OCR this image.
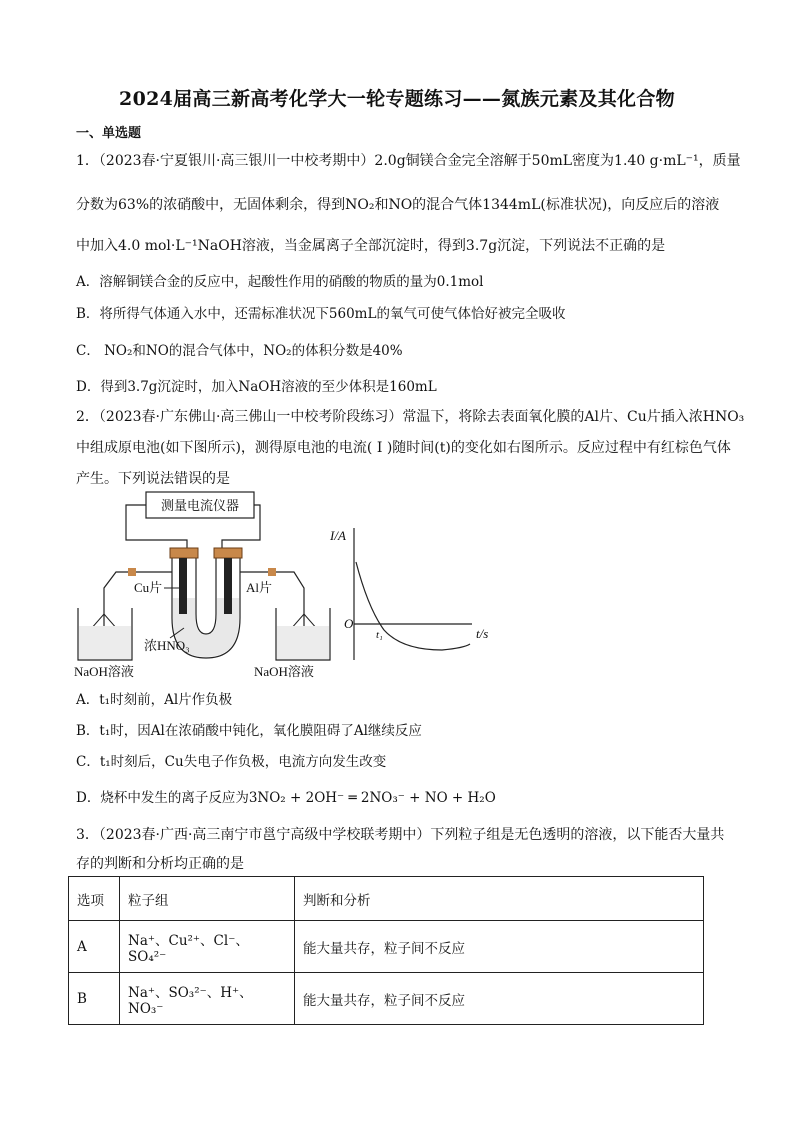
2024届高三新高考化学大一轮专题练习——氮族元素及其化合物
一、单选题
1．（2023春·宁夏银川·高三银川一中校考期中）2.0g铜镁合金完全溶解于50mL密度为1.40 g·mL⁻¹，质量
分数为63%的浓硝酸中，无固体剩余，得到NO₂和NO的混合气体1344mL(标准状况)，向反应后的溶液
中加入4.0 mol·L⁻¹NaOH溶液，当金属离子全部沉淀时，得到3.7g沉淀，下列说法不正确的是
A．溶解铜镁合金的反应中，起酸性作用的硝酸的物质的量为0.1mol
B．将所得气体通入水中，还需标准状况下560mL的氧气可使气体恰好被完全吸收
C． NO₂和NO的混合气体中，NO₂的体积分数是40%
D．得到3.7g沉淀时，加入NaOH溶液的至少体积是160mL
2．（2023春·广东佛山·高三佛山一中校考阶段练习）常温下，将除去表面氧化膜的Al片、Cu片插入浓HNO₃
中组成原电池(如下图所示)，测得原电池的电流( I )随时间(t)的变化如右图所示。反应过程中有红棕色气体
产生。下列说法错误的是
测量电流仪器
Cu片	Al片
浓HNO₃
NaOH溶液	NaOH溶液
I/A
t/s
O
t₁
A．t₁时刻前，Al片作负极
B．t₁时，因Al在浓硝酸中钝化，氧化膜阻碍了Al继续反应
C．t₁时刻后，Cu失电子作负极，电流方向发生改变
D．烧杯中发生的离子反应为3NO₂ + 2OH⁻ ═ 2NO₃⁻ + NO + H₂O
3．（2023春·广西·高三南宁市邕宁高级中学校联考期中）下列粒子组是无色透明的溶液，以下能否大量共
存的判断和分析均正确的是
选项	粒子组	判断和分析
A	Na⁺、Cu²⁺、Cl⁻、SO₄²⁻	能大量共存，粒子间不反应
B	Na⁺、SO₃²⁻、H⁺、NO₃⁻	能大量共存，粒子间不反应
